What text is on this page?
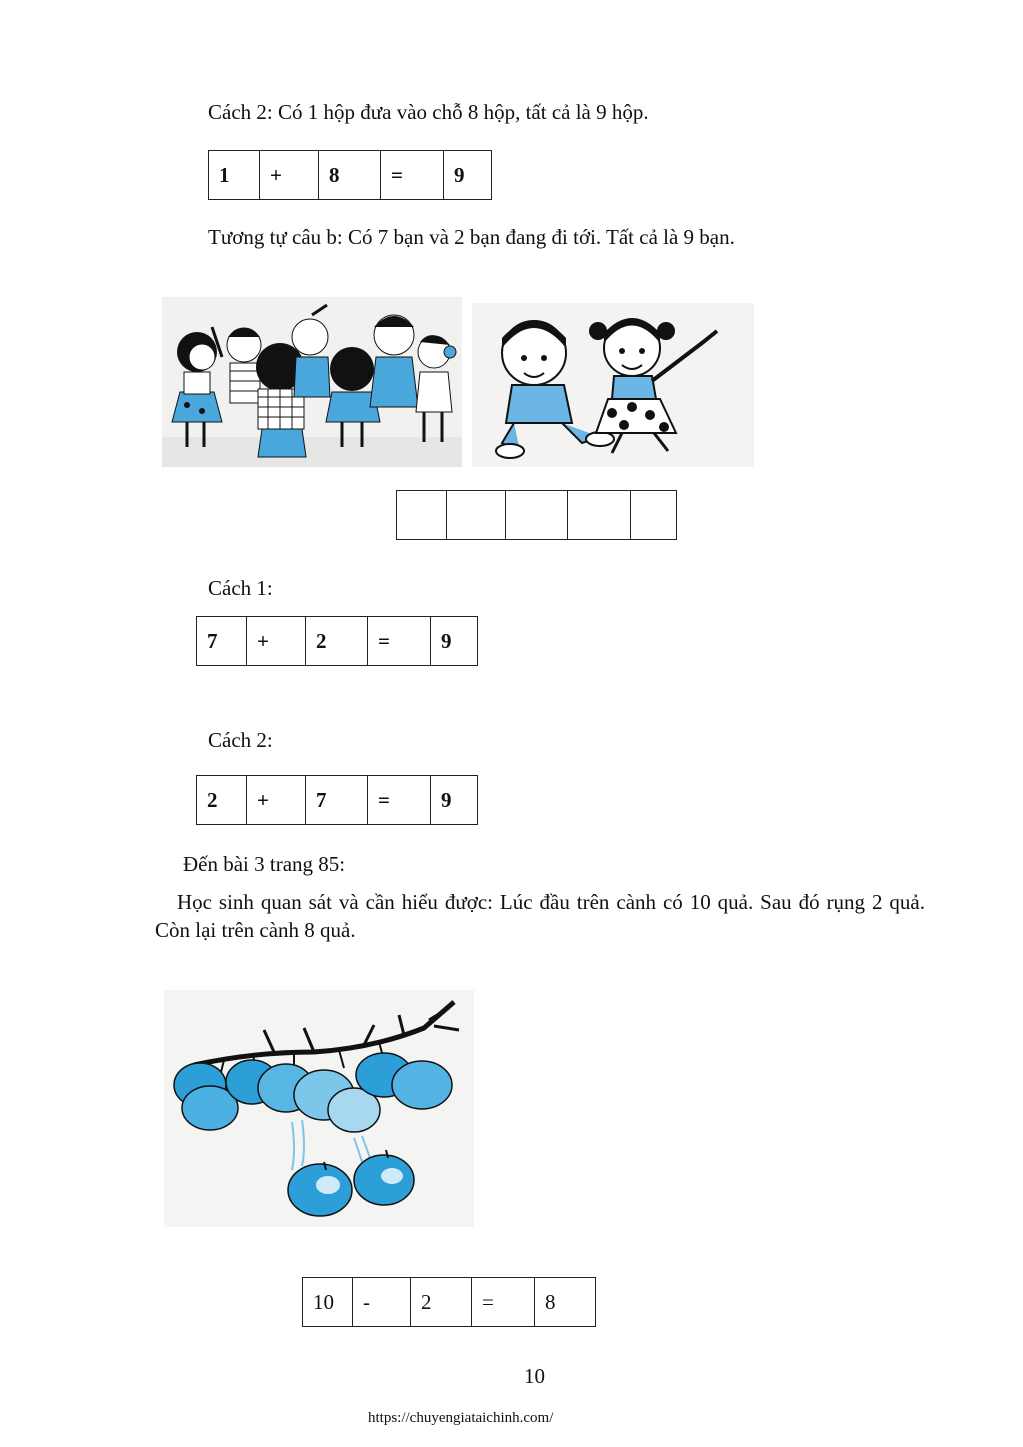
Cách 2: Có 1 hộp đưa vào chỗ 8 hộp, tất cả là 9 hộp.
1	+	8	=	9
Tương tự câu b: Có 7 bạn và 2 bạn đang đi tới. Tất cả là 9 bạn.

Cách 1:
7	+	2	=	9
Cách 2:
2	+	7	=	9
Đến bài 3 trang 85:
Học sinh quan sát và cần hiểu được: Lúc đầu trên cành có 10 quả. Sau đó rụng 2 quả. Còn lại trên cành 8 quả.
10	-	2	=	8
10
https://chuyengiataichinh.com/
